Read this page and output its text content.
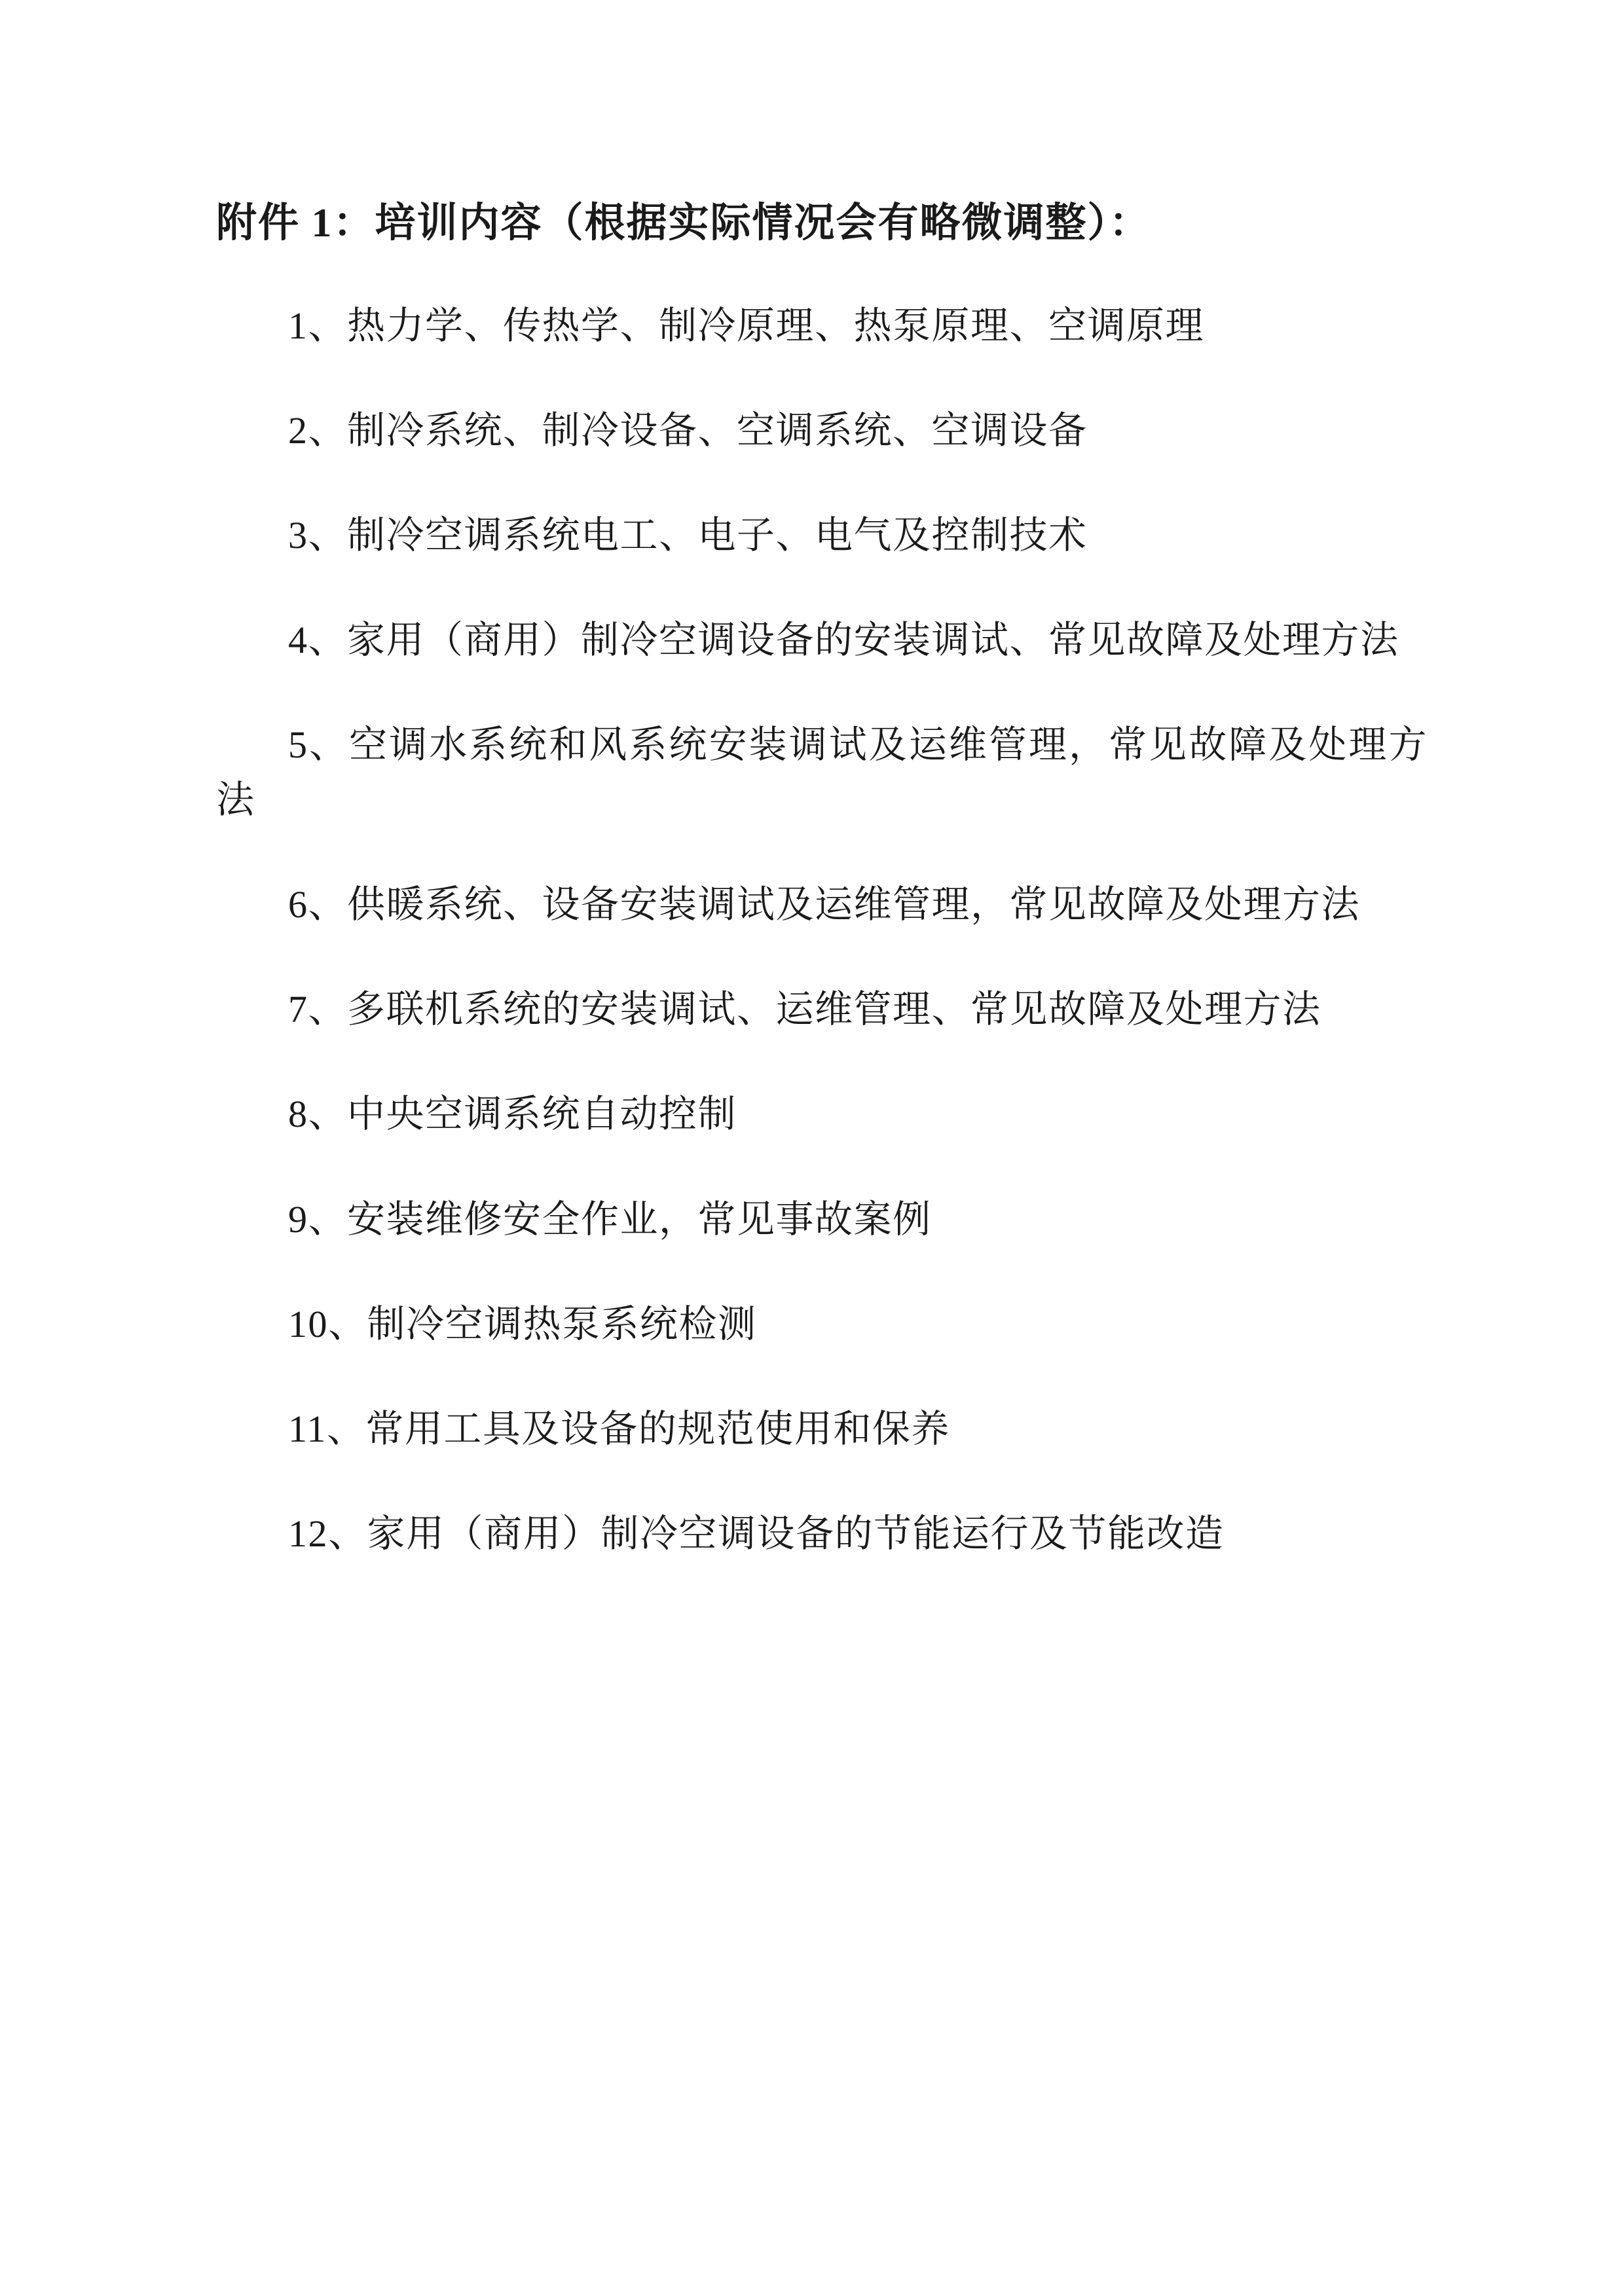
附件 1：培训内容（根据实际情况会有略微调整）：
1、热力学、传热学、制冷原理、热泵原理、空调原理
2、制冷系统、制冷设备、空调系统、空调设备
3、制冷空调系统电工、电子、电气及控制技术
4、家用（商用）制冷空调设备的安装调试、常见故障及处理方法
5、空调水系统和风系统安装调试及运维管理，常见故障及处理方法
6、供暖系统、设备安装调试及运维管理，常见故障及处理方法
7、多联机系统的安装调试、运维管理、常见故障及处理方法
8、中央空调系统自动控制
9、安装维修安全作业，常见事故案例
10、制冷空调热泵系统检测
11、常用工具及设备的规范使用和保养
12、家用（商用）制冷空调设备的节能运行及节能改造
